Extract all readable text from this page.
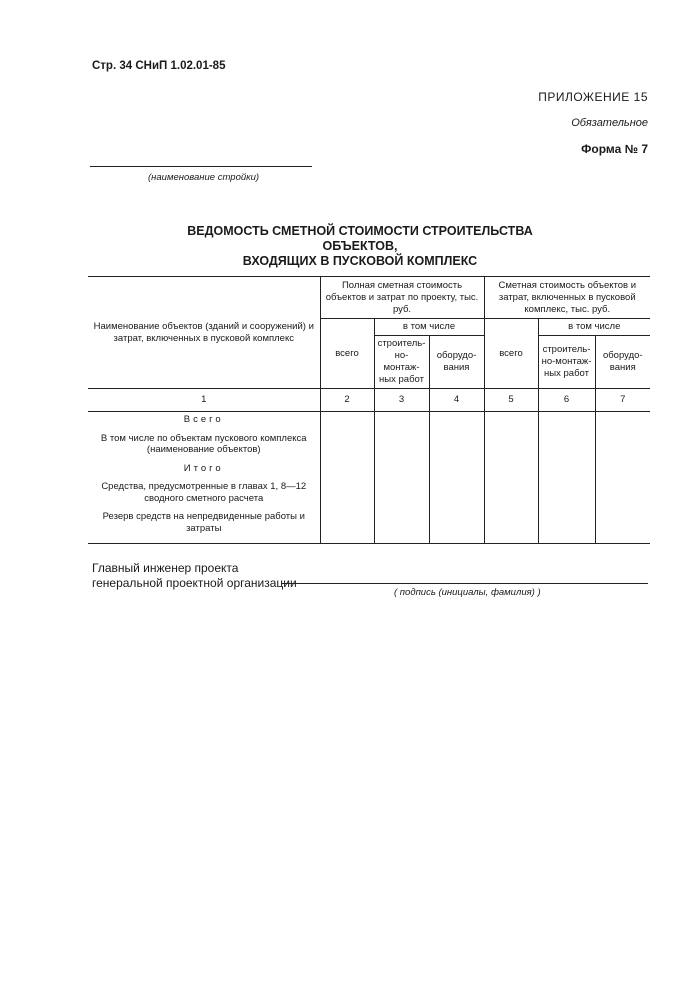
Стр. 34 СНиП 1.02.01-85
ПРИЛОЖЕНИЕ 15
Обязательное
Форма № 7
(наименование стройки)
ВЕДОМОСТЬ СМЕТНОЙ СТОИМОСТИ СТРОИТЕЛЬСТВА ОБЪЕКТОВ,
ВХОДЯЩИХ В ПУСКОВОЙ КОМПЛЕКС
Наименование объектов (зданий и сооружений) и затрат, включенных в пусковой комплекс	Полная сметная стоимость объектов и затрат по проекту, тыс. руб.			Сметная стоимость объектов и затрат, включенных в пусковой комплекс, тыс. руб.		
	всего	в том числе		всего	в том числе	
		строитель-но-монтаж-ных работ	оборудо-вания		строитель-но-монтаж-ных работ	оборудо-вания
1	2	3	4	5	6	7

Всего
В том числе по объектам пускового комплекса (наименование объектов)
Итого
Средства, предусмотренные в главах 1, 8—12 сводного сметного расчета
Резерв средств на непредвиденные работы и затраты						

Главный инженер проекта
генеральной проектной организации
( подпись (инициалы, фамилия) )
